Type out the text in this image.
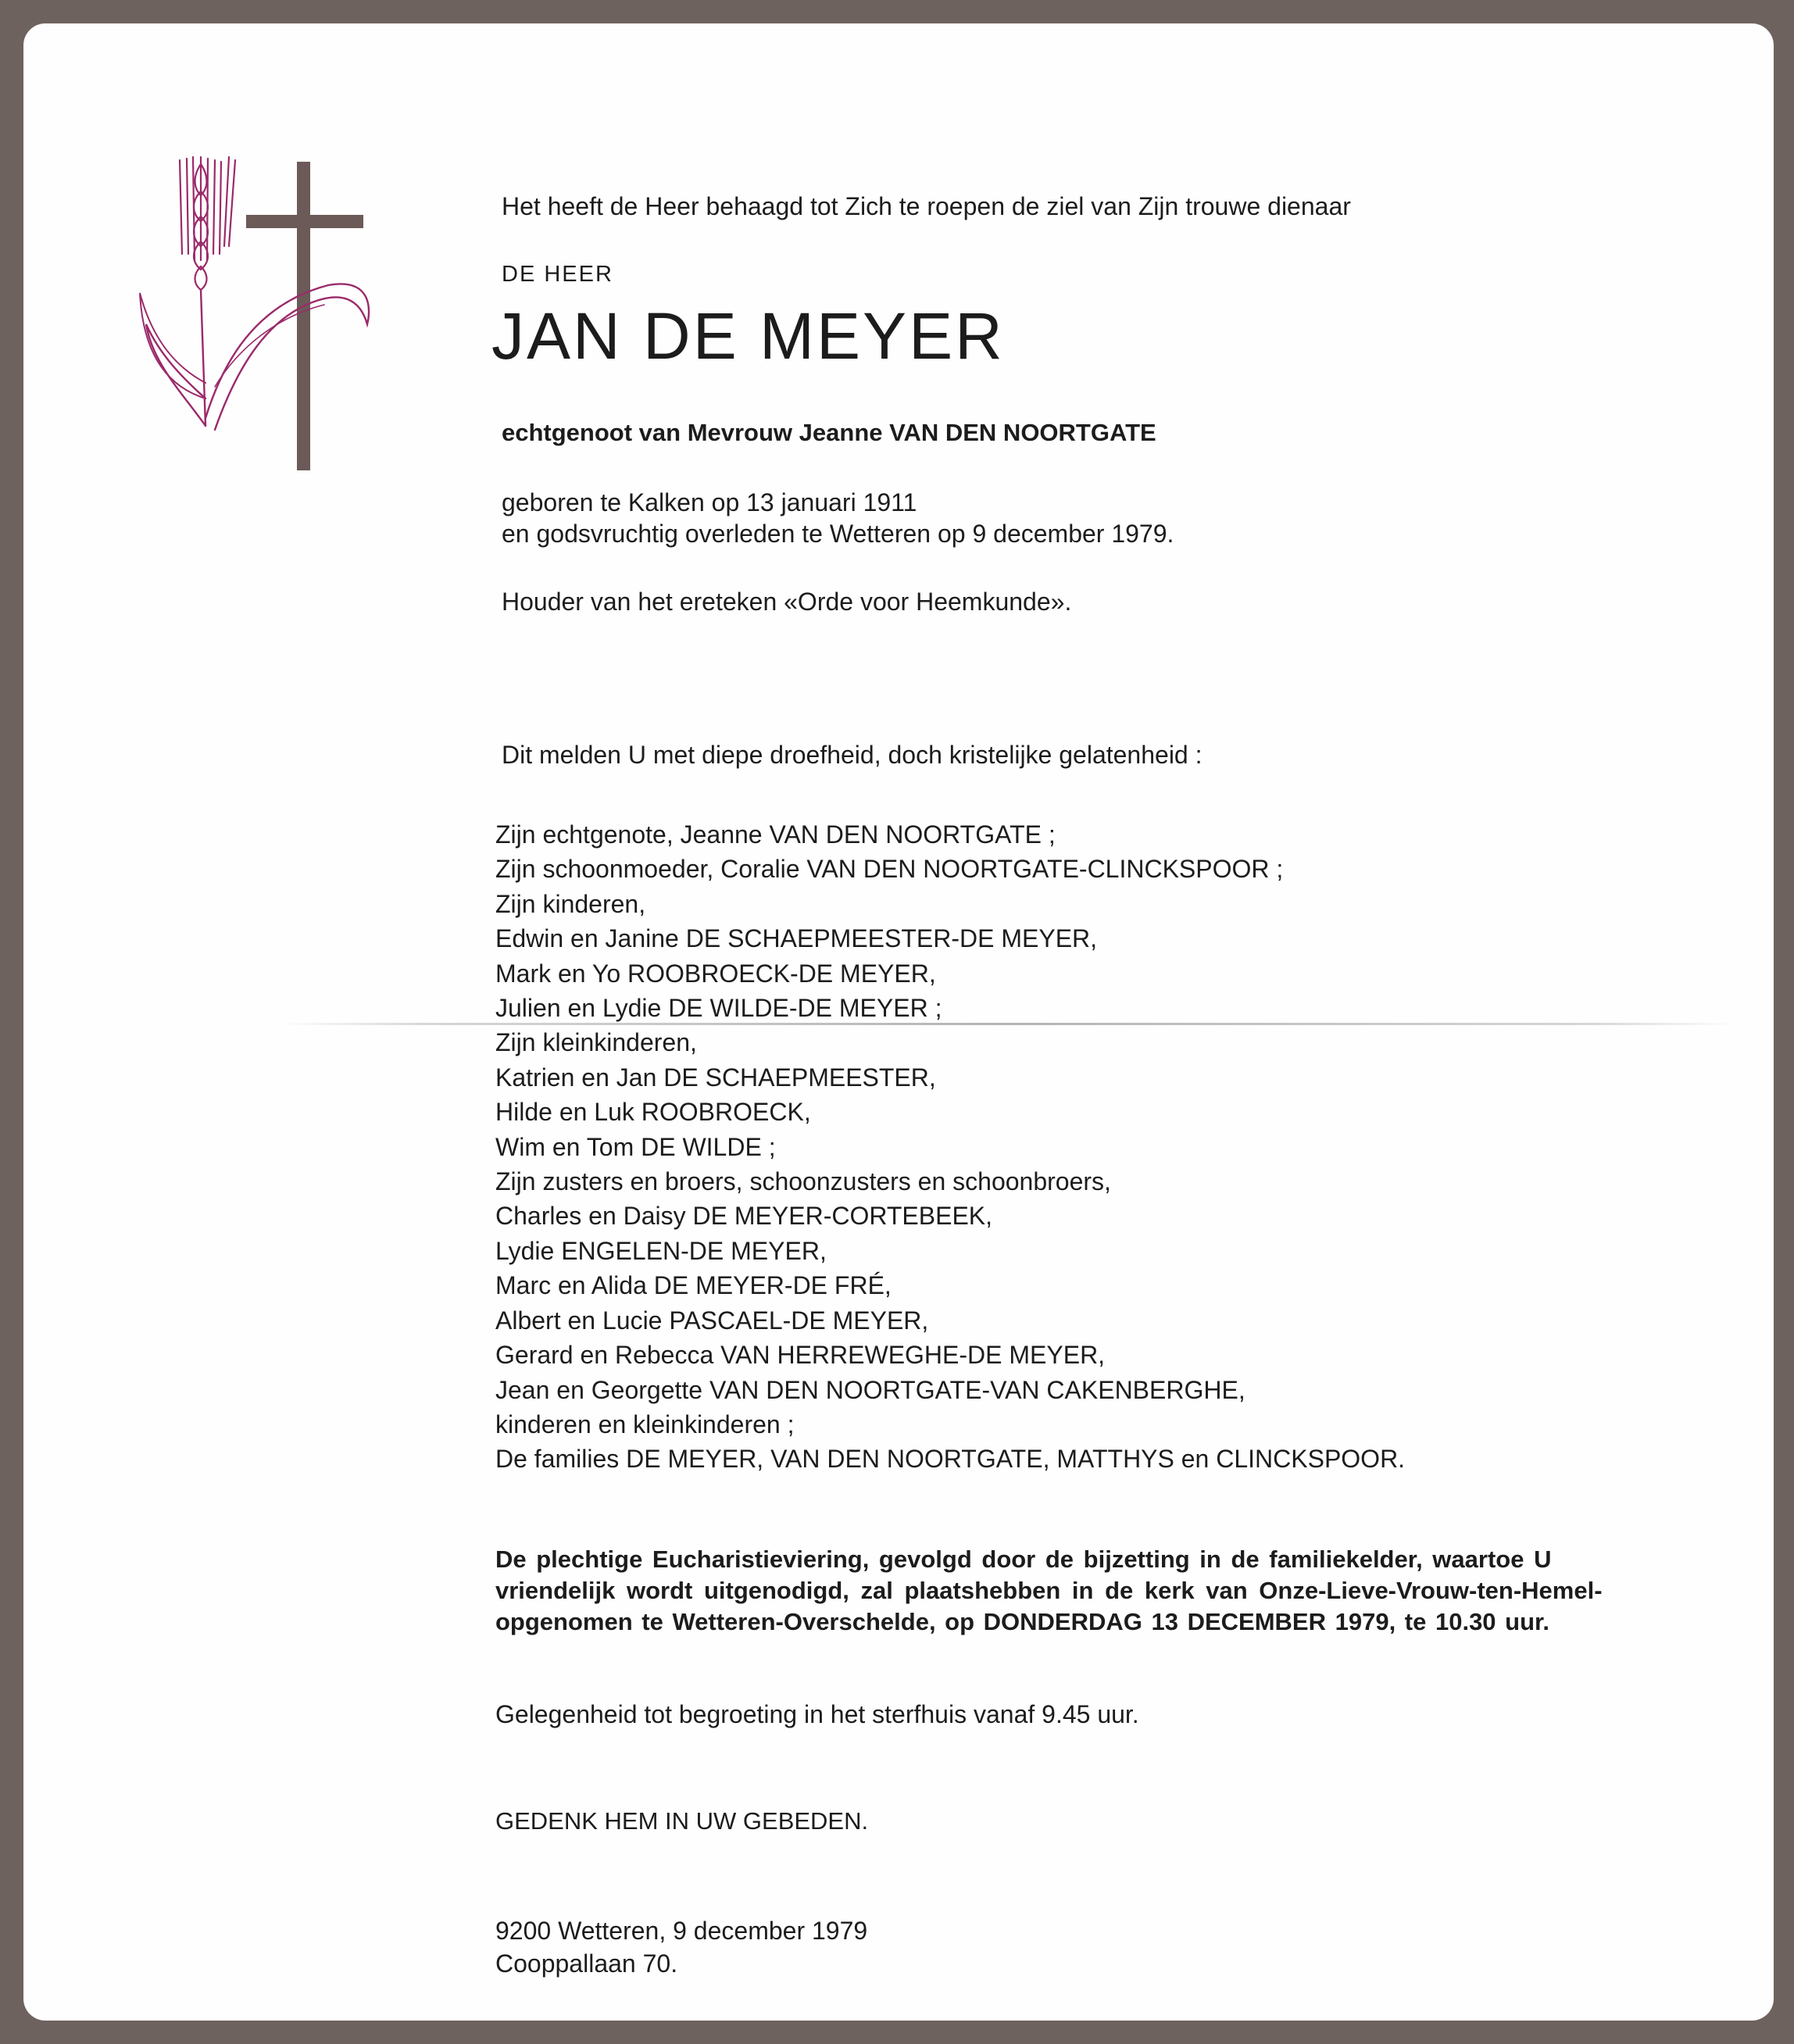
Het heeft de Heer behaagd tot Zich te roepen de ziel van Zijn trouwe dienaar
DE HEER
JAN DE MEYER
echtgenoot van Mevrouw Jeanne VAN DEN NOORTGATE
geboren te Kalken op 13 januari 1911
en godsvruchtig overleden te Wetteren op 9 december 1979.
Houder van het ereteken «Orde voor Heemkunde».
Dit melden U met diepe droefheid, doch kristelijke gelatenheid :
Zijn echtgenote, Jeanne VAN DEN NOORTGATE ;
Zijn schoonmoeder, Coralie VAN DEN NOORTGATE-CLINCKSPOOR ;
Zijn kinderen,
Edwin en Janine DE SCHAEPMEESTER-DE MEYER,
Mark en Yo ROOBROECK-DE MEYER,
Julien en Lydie DE WILDE-DE MEYER ;
Zijn kleinkinderen,
Katrien en Jan DE SCHAEPMEESTER,
Hilde en Luk ROOBROECK,
Wim en Tom DE WILDE ;
Zijn zusters en broers, schoonzusters en schoonbroers,
Charles en Daisy DE MEYER-CORTEBEEK,
Lydie ENGELEN-DE MEYER,
Marc en Alida DE MEYER-DE FRÉ,
Albert en Lucie PASCAEL-DE MEYER,
Gerard en Rebecca VAN HERREWEGHE-DE MEYER,
Jean en Georgette VAN DEN NOORTGATE-VAN CAKENBERGHE,
kinderen en kleinkinderen ;
De families DE MEYER, VAN DEN NOORTGATE, MATTHYS en CLINCKSPOOR.
De plechtige Eucharistieviering, gevolgd door de bijzetting in de familiekelder, waartoe U
vriendelijk wordt uitgenodigd, zal plaatshebben in de kerk van Onze-Lieve-Vrouw-ten-Hemel-
opgenomen te Wetteren-Overschelde, op DONDERDAG 13 DECEMBER 1979, te 10.30 uur.
Gelegenheid tot begroeting in het sterfhuis vanaf 9.45 uur.
GEDENK HEM IN UW GEBEDEN.
9200 Wetteren, 9 december 1979
Cooppallaan 70.
